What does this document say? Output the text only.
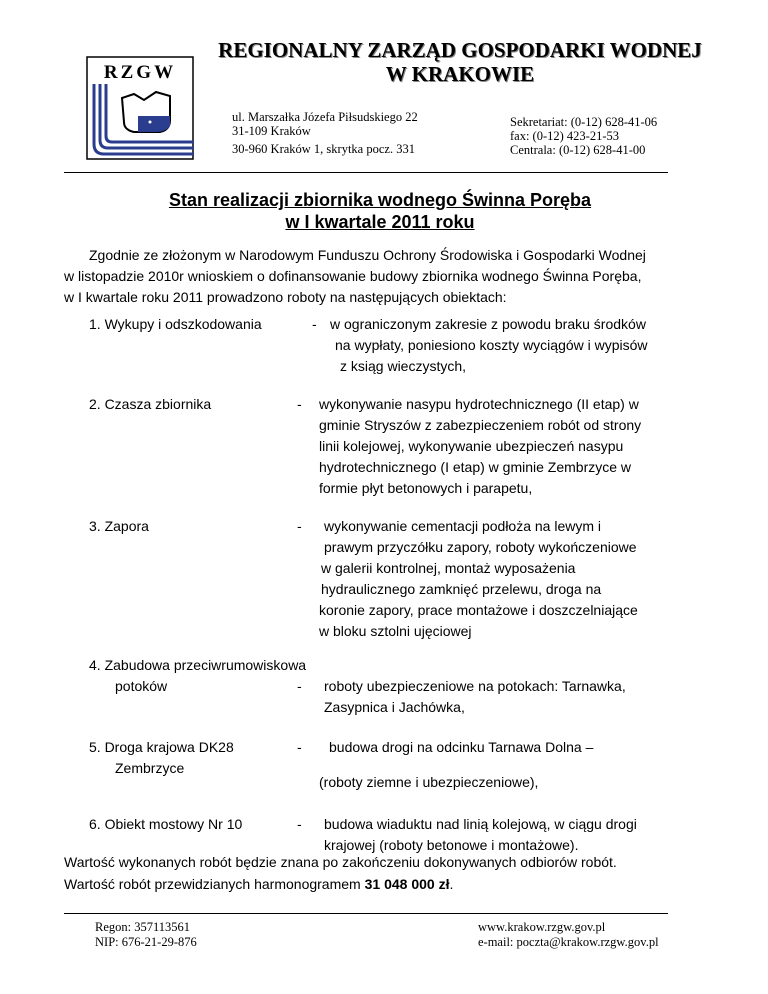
RZGW
REGIONALNY ZARZĄD GOSPODARKI WODNEJ
W KRAKOWIE
ul. Marszałka Józefa Piłsudskiego 22
31-109 Kraków
30-960 Kraków 1, skrytka pocz. 331
Sekretariat: (0-12) 628-41-06
fax: (0-12) 423-21-53
Centrala: (0-12) 628-41-00
Stan realizacji zbiornika wodnego Świnna Poręba
w I kwartale 2011 roku
Zgodnie ze złożonym w Narodowym Funduszu Ochrony Środowiska i Gospodarki Wodnej
w listopadzie 2010r wnioskiem o dofinansowanie budowy zbiornika wodnego Świnna Poręba,
w I kwartale roku 2011 prowadzono roboty na następujących obiektach:
1. Wykupy i odszkodowania	- w ograniczonym zakresie z powodu braku środków
na wypłaty, poniesiono koszty wyciągów i wypisów
z ksiąg wieczystych,
2. Czasza zbiornika	- wykonywanie nasypu hydrotechnicznego (II etap) w
gminie Stryszów z zabezpieczeniem robót od strony
linii kolejowej, wykonywanie ubezpieczeń nasypu
hydrotechnicznego (I etap) w gminie Zembrzyce w
formie płyt betonowych i parapetu,
3. Zapora	- wykonywanie cementacji podłoża na lewym i
prawym przyczółku zapory, roboty wykończeniowe
w galerii kontrolnej, montaż wyposażenia
hydraulicznego zamknięć przelewu, droga na
koronie zapory, prace montażowe i doszczelniające
w bloku sztolni ujęciowej
4. Zabudowa przeciwrumowiskowa
potoków	- roboty ubezpieczeniowe na potokach: Tarnawka,
Zasypnica i Jachówka,
5. Droga krajowa DK28
Zembrzyce
- budowa drogi na odcinku Tarnawa Dolna –
(roboty ziemne i ubezpieczeniowe),
6. Obiekt mostowy Nr 10	- budowa wiaduktu nad linią kolejową, w ciągu drogi
krajowej (roboty betonowe i montażowe).
Wartość wykonanych robót będzie znana po zakończeniu dokonywanych odbiorów robót.
Wartość robót przewidzianych harmonogramem 31 048 000 zł.
Regon: 357113561
NIP: 676-21-29-876
www.krakow.rzgw.gov.pl
e-mail: poczta@krakow.rzgw.gov.pl
